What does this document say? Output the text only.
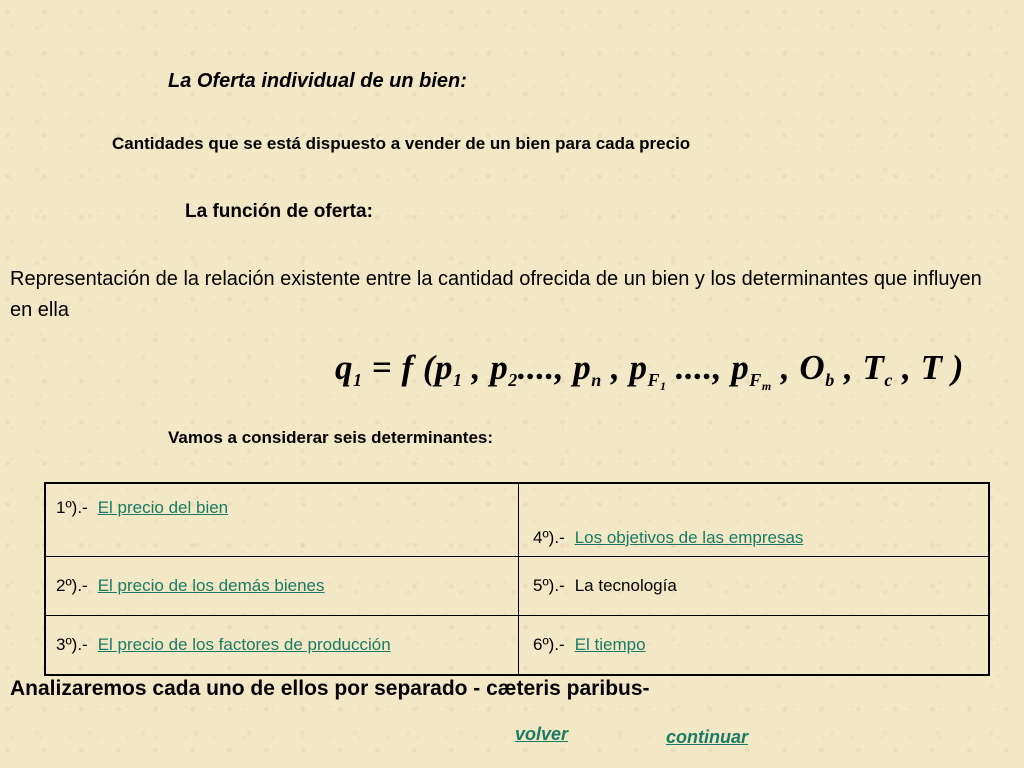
La Oferta individual de un bien:
Cantidades que se está dispuesto a vender de un bien para cada precio
La función de oferta:
Representación de la relación existente entre la cantidad ofrecida de un bien y los determinantes que influyen en ella
$q_1 = f$ ($p_1$ , $p_2$...., $p_n$ , $p_{F_1}$ ...., $p_{F_m}$ , $O_b$ , $T_c$ , T )
Vamos a considerar seis determinantes:
1º).- El precio del bien	4º).- Los objetivos de las empresas
2º).- El precio de los demás bienes	5º).- La tecnología
3º).- El precio de los factores de producción	6º).- El tiempo
Analizaremos cada uno de ellos por separado - cæteris paribus-
volver	continuar
